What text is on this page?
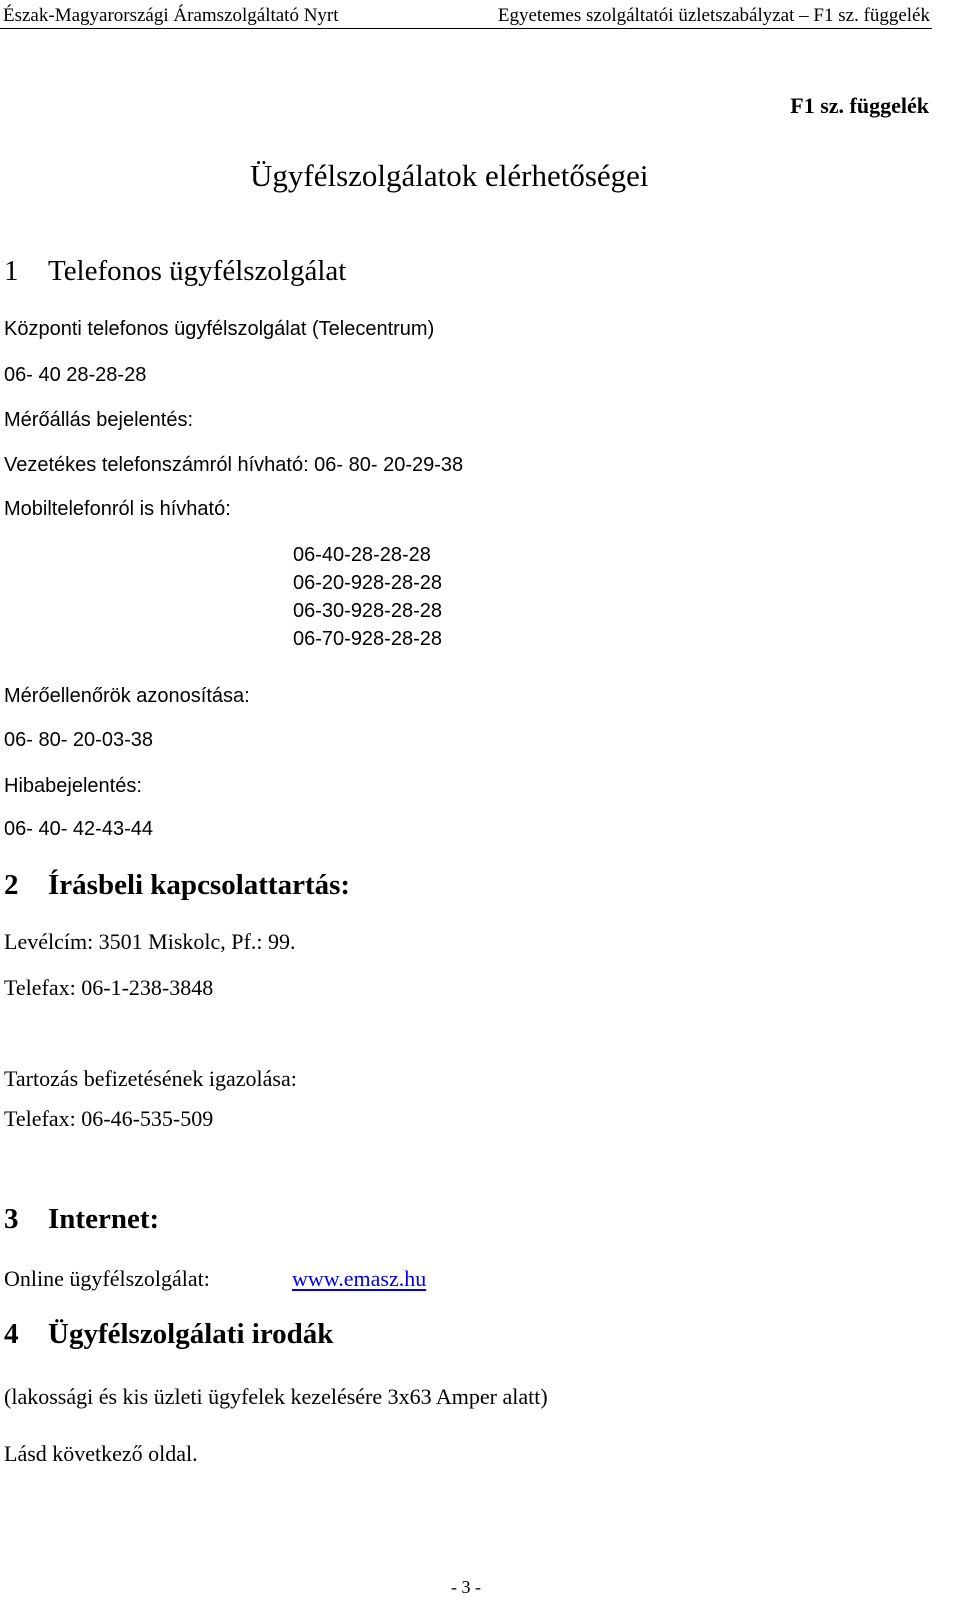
Észak-Magyarországi Áramszolgáltató Nyrt	Egyetemes szolgáltatói üzletszabályzat – F1 sz. függelék
F1 sz. függelék
Ügyfélszolgálatok elérhetőségei
1 Telefonos ügyfélszolgálat
Központi telefonos ügyfélszolgálat (Telecentrum)
06- 40 28-28-28
Mérőállás bejelentés:
Vezetékes telefonszámról hívható: 06- 80- 20-29-38
Mobiltelefonról is hívható:
06-40-28-28-28
06-20-928-28-28
06-30-928-28-28
06-70-928-28-28
Mérőellenőrök azonosítása:
06- 80- 20-03-38
Hibabejelentés:
06- 40- 42-43-44
2 Írásbeli kapcsolattartás:
Levélcím: 3501 Miskolc, Pf.: 99.
Telefax: 06-1-238-3848
Tartozás befizetésének igazolása:
Telefax: 06-46-535-509
3 Internet:
Online ügyfélszolgálat:	www.emasz.hu
4 Ügyfélszolgálati irodák
(lakossági és kis üzleti ügyfelek kezelésére 3x63 Amper alatt)
Lásd következő oldal.
- 3 -
